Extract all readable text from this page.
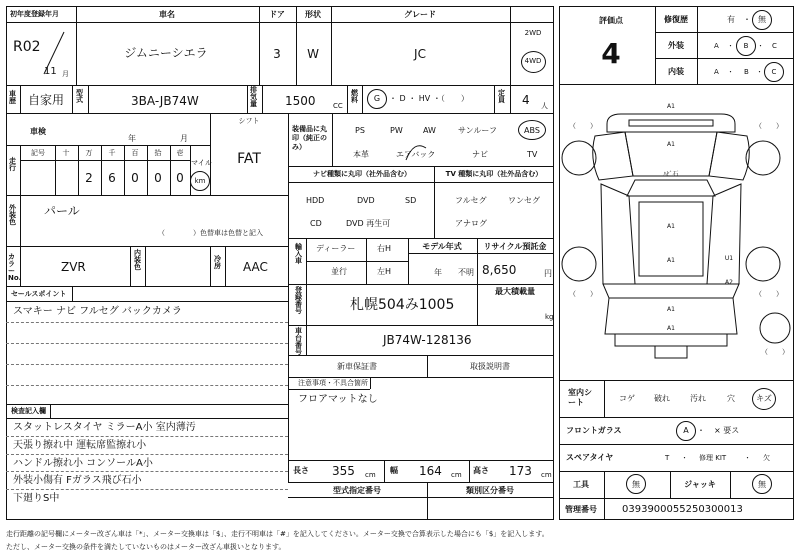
初年度登録年月	車名	ドア	形状	グレード
R02
11 月
ジムニーシエラ	3 W	JC
2WD
4WD
車歴 自家用 型式	3BA-JB74W
排気量 1500 CC
燃料 G ・ D ・ HV ・（　　）
定員 4 人
車検
年	月
シフト
FAT
走行
記号	十 万 千 百 拾 壱
2 6 0 0 0
マイル
km
外装色
パール
（　　　　）色替車は色替と記入
カラーNo.
ZVR
内装色
冷房 AAC
セールスポイント
スマキー ナビ フルセグ バックカメラ
検査記入欄
スタットレスタイヤ ミラーA小 室内薄汚
天張り擦れ中 運転席監擦れ小
ハンドル擦れ小 コンソールA小
外装小傷有 Fガラス飛び石小
下廻りS中
装備品に丸印（純正のみ）
PS	PW	AW	サンルーフ	ABS
本革	エアバック	ナビ	TV
ナビ種類に丸印（社外品含む）	TV 種類に丸印（社外品含む）
HDD	DVD	SD
CD	DVD 再生可
フルセグ	ワンセグ
アナログ
輸入車
ディーラー
並行
右H
左H
モデル年式
年 不明
リサイクル預託金
8,650	円
登録番号	札幌504み1005
最大積載量
kg
車台番号
JB74W-128136
新車保証書	取扱説明書
注意事項・不具合箇所
フロアマットなし
長さ 355 cm 幅 164 cm 高さ 173 cm
型式指定番号	類別区分番号
評価点
4
修復歴	有 ・ 無
外装	A ・ B ・ C
内装	A ・ B ・ C
A1
A1
A1
A1
A1
A1
U1
A2
ﾊﾋﾞ石
（　　）	（　　）
（　　）	（　　）
（　　）
室内シート	コゲ 破れ	汚れ	穴	キズ
フロントガラス	A ・ × 要ス
スペアタイヤ	T ・ 修理 KIT	・ 欠
工具	無	ジャッキ	無
管理番号	0393900055250300013
走行距離の記号欄にメーター改ざん車は「*」、メーター交換車は「$」、走行不明車は「#」を記入してください。メーター交換で合算表示した場合にも「$」を記入します。
ただし、メーター交換の条件を満たしていないものはメーター改ざん車扱いとなります。
